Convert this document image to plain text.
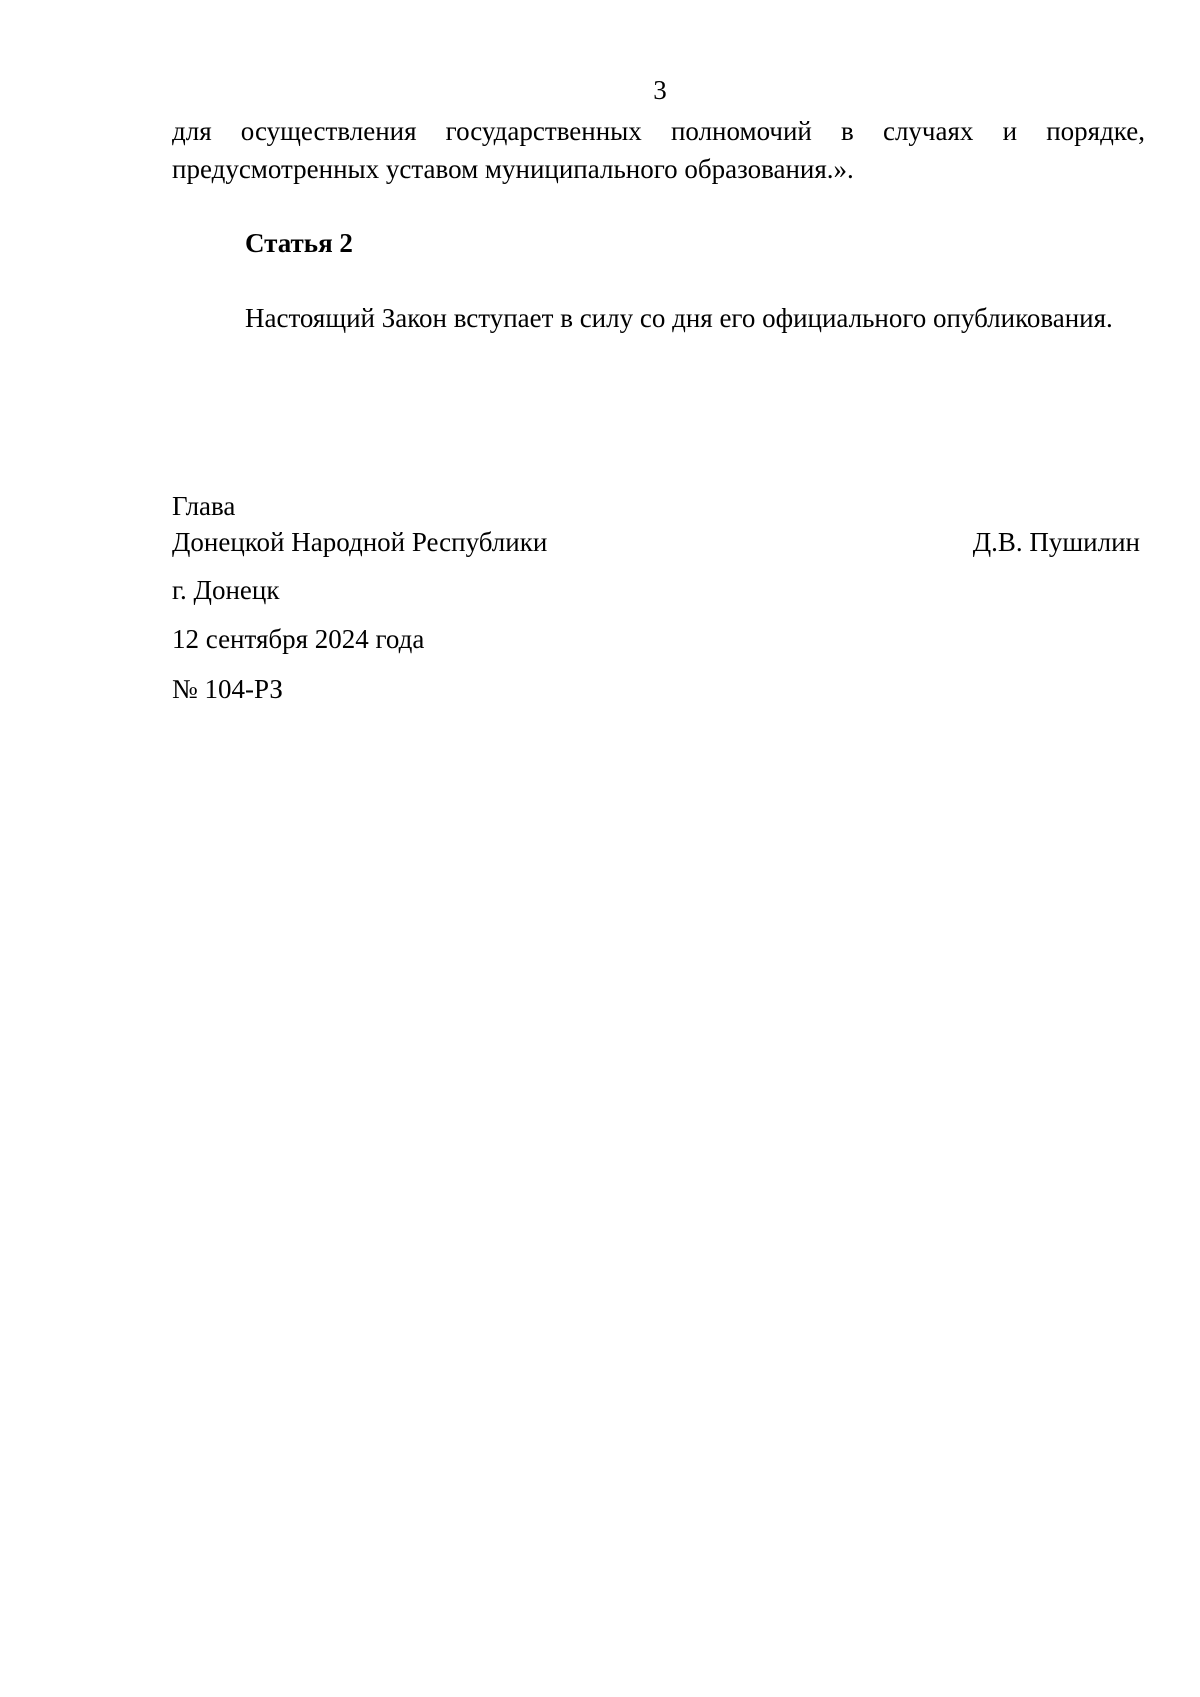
3
для осуществления государственных полномочий в случаях и порядке,
предусмотренных уставом муниципального образования.».
Статья 2
Настоящий Закон вступает в силу со дня его официального опубликования.
Глава
Донецкой Народной Республики	Д.В. Пушилин
г. Донецк
12 сентября 2024 года
№ 104-РЗ
